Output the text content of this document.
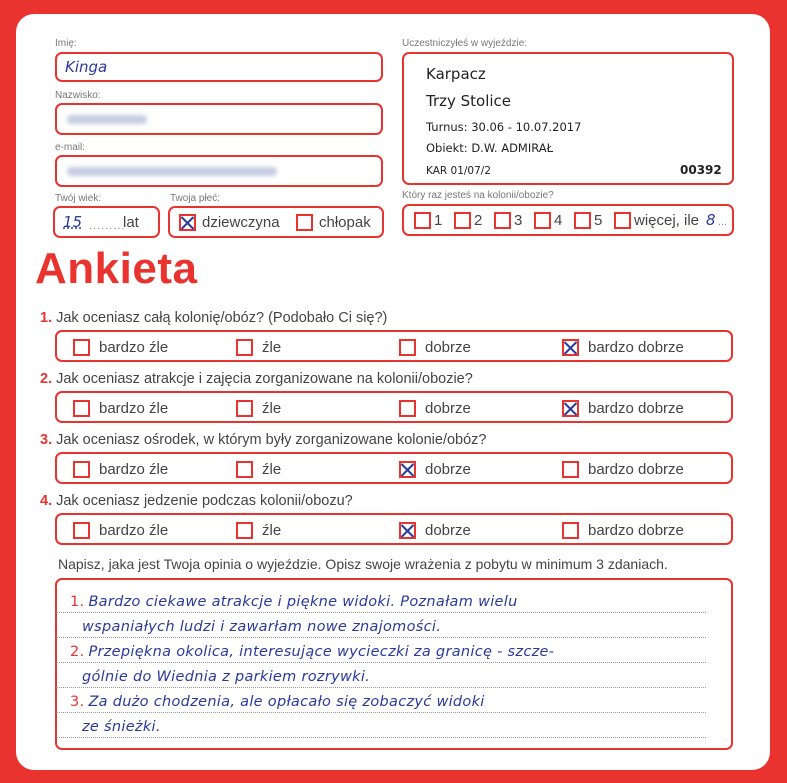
Imię:
Kinga
Nazwisko:
e-mail:
Twój wiek:
15 .........
lat
Twoja płeć:
dziewczyna	chłopak
Uczestniczyłeś w wyjeździe:
Karpacz
Trzy Stolice
Turnus: 30.06 - 10.07.2017
Obiekt: D.W. ADMIRAŁ
KAR 01/07/2	00392
Który raz jesteś na kolonii/obozie?
1 2 3 4 5 więcej, ile 8 ...
Ankieta
1. Jak oceniasz całą kolonię/obóz? (Podobało Ci się?)
bardzo źle	źle	dobrze	bardzo dobrze
2. Jak oceniasz atrakcje i zajęcia zorganizowane na kolonii/obozie?
bardzo źle	źle	dobrze	bardzo dobrze
3. Jak oceniasz ośrodek, w którym były zorganizowane kolonie/obóz?
bardzo źle	źle	dobrze	bardzo dobrze
4. Jak oceniasz jedzenie podczas kolonii/obozu?
bardzo źle	źle	dobrze	bardzo dobrze
Napisz, jaka jest Twoja opinia o wyjeździe. Opisz swoje wrażenia z pobytu w minimum 3 zdaniach.
1. Bardzo ciekawe atrakcje i piękne widoki. Poznałam wielu
wspaniałych ludzi i zawarłam nowe znajomości.
2. Przepiękna okolica, interesujące wycieczki za granicę - szcze-
gólnie do Wiednia z parkiem rozrywki.
3. Za dużo chodzenia, ale opłacało się zobaczyć widoki
ze śnieżki.
